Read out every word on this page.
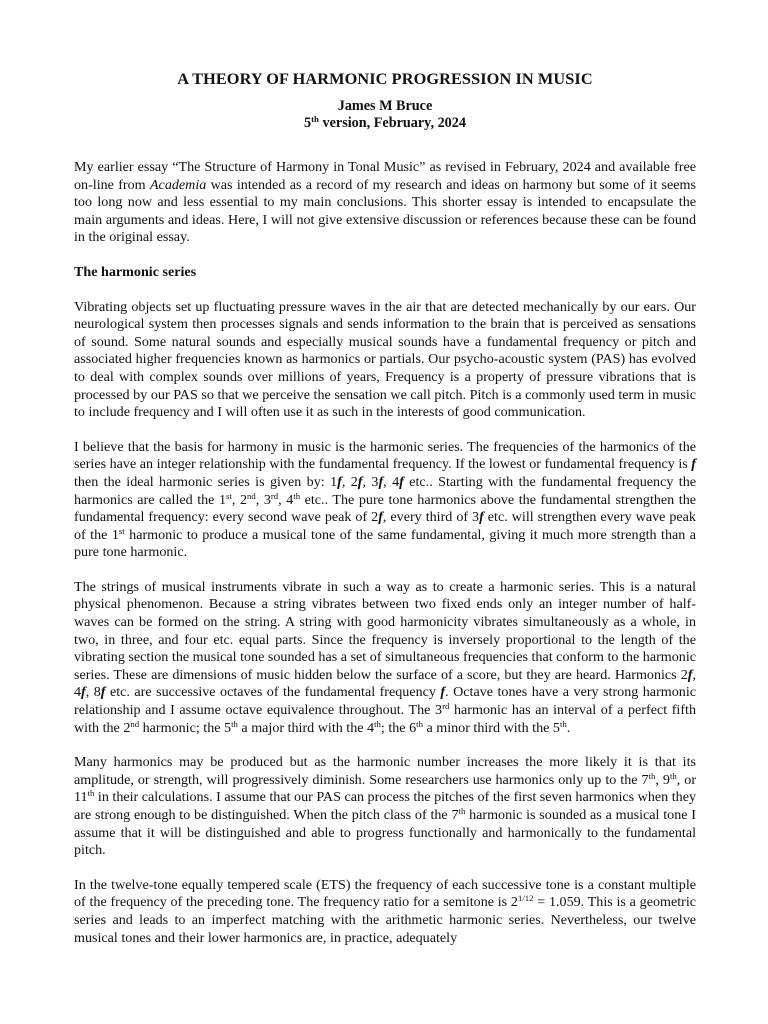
A THEORY OF HARMONIC PROGRESSION IN MUSIC
James M Bruce
5th version, February, 2024

My earlier essay “The Structure of Harmony in Tonal Music” as revised in February, 2024 and available free on-line from Academia was intended as a record of my research and ideas on harmony but some of it seems too long now and less essential to my main conclusions. This shorter essay is intended to encapsulate the main arguments and ideas. Here, I will not give extensive discussion or references because these can be found in the original essay.

The harmonic series

Vibrating objects set up fluctuating pressure waves in the air that are detected mechanically by our ears. Our neurological system then processes signals and sends information to the brain that is perceived as sensations of sound. Some natural sounds and especially musical sounds have a fundamental frequency or pitch and associated higher frequencies known as harmonics or partials. Our psycho-acoustic system (PAS) has evolved to deal with complex sounds over millions of years, Frequency is a property of pressure vibrations that is processed by our PAS so that we perceive the sensation we call pitch. Pitch is a commonly used term in music to include frequency and I will often use it as such in the interests of good communication.

I believe that the basis for harmony in music is the harmonic series. The frequencies of the harmonics of the series have an integer relationship with the fundamental frequency. If the lowest or fundamental frequency is f then the ideal harmonic series is given by: 1f, 2f, 3f, 4f etc.. Starting with the fundamental frequency the harmonics are called the 1st, 2nd, 3rd, 4th etc.. The pure tone harmonics above the fundamental strengthen the fundamental frequency: every second wave peak of 2f, every third of 3f etc. will strengthen every wave peak of the 1st harmonic to produce a musical tone of the same fundamental, giving it much more strength than a pure tone harmonic.

The strings of musical instruments vibrate in such a way as to create a harmonic series. This is a natural physical phenomenon. Because a string vibrates between two fixed ends only an integer number of half-waves can be formed on the string. A string with good harmonicity vibrates simultaneously as a whole, in two, in three, and four etc. equal parts. Since the frequency is inversely proportional to the length of the vibrating section the musical tone sounded has a set of simultaneous frequencies that conform to the harmonic series. These are dimensions of music hidden below the surface of a score, but they are heard. Harmonics 2f, 4f, 8f etc. are successive octaves of the fundamental frequency f. Octave tones have a very strong harmonic relationship and I assume octave equivalence throughout. The 3rd harmonic has an interval of a perfect fifth with the 2nd harmonic; the 5th a major third with the 4th; the 6th a minor third with the 5th.

Many harmonics may be produced but as the harmonic number increases the more likely it is that its amplitude, or strength, will progressively diminish. Some researchers use harmonics only up to the 7th, 9th, or 11th in their calculations. I assume that our PAS can process the pitches of the first seven harmonics when they are strong enough to be distinguished. When the pitch class of the 7th harmonic is sounded as a musical tone I assume that it will be distinguished and able to progress functionally and harmonically to the fundamental pitch.

In the twelve-tone equally tempered scale (ETS) the frequency of each successive tone is a constant multiple of the frequency of the preceding tone. The frequency ratio for a semitone is $2^{1/12} = 1.059$. This is a geometric series and leads to an imperfect matching with the arithmetic harmonic series. Nevertheless, our twelve musical tones and their lower harmonics are, in practice, adequately
